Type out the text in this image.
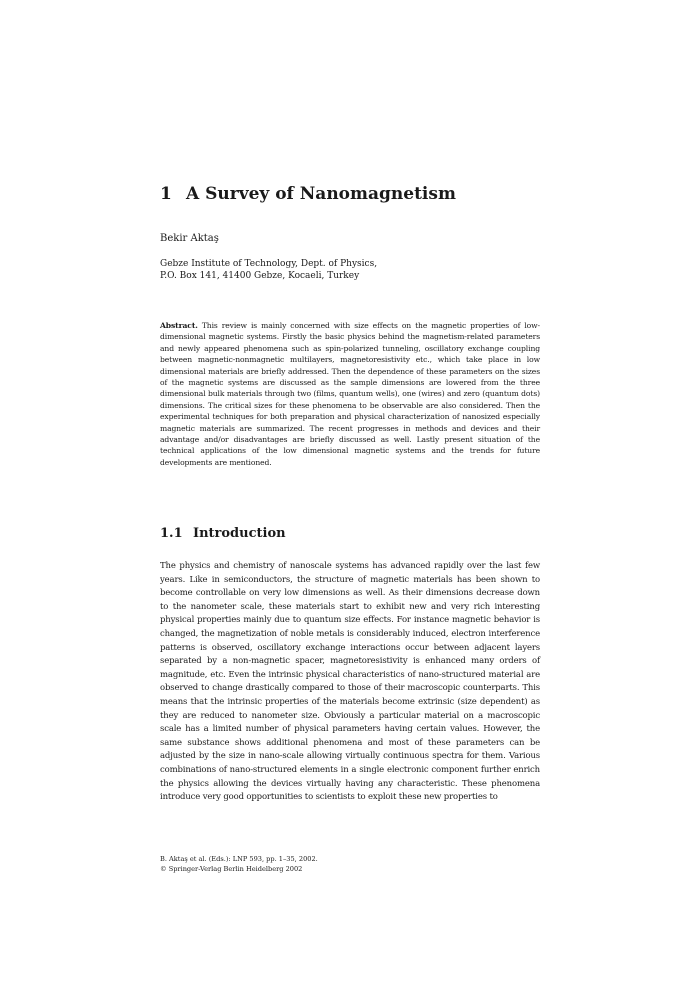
1 A Survey of Nanomagnetism
Bekir Aktaş
Gebze Institute of Technology, Dept. of Physics,
P.O. Box 141, 41400 Gebze, Kocaeli, Turkey
Abstract. This review is mainly concerned with size effects on the magnetic properties of low-dimensional magnetic systems. Firstly the basic physics behind the magnetism-related parameters and newly appeared phenomena such as spin-polarized tunneling, oscillatory exchange coupling between magnetic-nonmagnetic multilayers, magnetoresistivity etc., which take place in low dimensional materials are briefly addressed. Then the dependence of these parameters on the sizes of the magnetic systems are discussed as the sample dimensions are lowered from the three dimensional bulk materials through two (films, quantum wells), one (wires) and zero (quantum dots) dimensions. The critical sizes for these phenomena to be observable are also considered. Then the experimental techniques for both preparation and physical characterization of nanosized especially magnetic materials are summarized. The recent progresses in methods and devices and their advantage and/or disadvantages are briefly discussed as well. Lastly present situation of the technical applications of the low dimensional magnetic systems and the trends for future developments are mentioned.
1.1 Introduction
The physics and chemistry of nanoscale systems has advanced rapidly over the last few years. Like in semiconductors, the structure of magnetic materials has been shown to become controllable on very low dimensions as well. As their dimensions decrease down to the nanometer scale, these materials start to exhibit new and very rich interesting physical properties mainly due to quantum size effects. For instance magnetic behavior is changed, the magnetization of noble metals is considerably induced, electron interference patterns is observed, oscillatory exchange interactions occur between adjacent layers separated by a non-magnetic spacer, magnetoresistivity is enhanced many orders of magnitude, etc. Even the intrinsic physical characteristics of nano-structured material are observed to change drastically compared to those of their macroscopic counterparts. This means that the intrinsic properties of the materials become extrinsic (size dependent) as they are reduced to nanometer size. Obviously a particular material on a macroscopic scale has a limited number of physical parameters having certain values. However, the same substance shows additional phenomena and most of these parameters can be adjusted by the size in nano-scale allowing virtually continuous spectra for them. Various combinations of nano-structured elements in a single electronic component further enrich the physics allowing the devices virtually having any characteristic. These phenomena introduce very good opportunities to scientists to exploit these new properties to
B. Aktaş et al. (Eds.): LNP 593, pp. 1–35, 2002.
© Springer-Verlag Berlin Heidelberg 2002
